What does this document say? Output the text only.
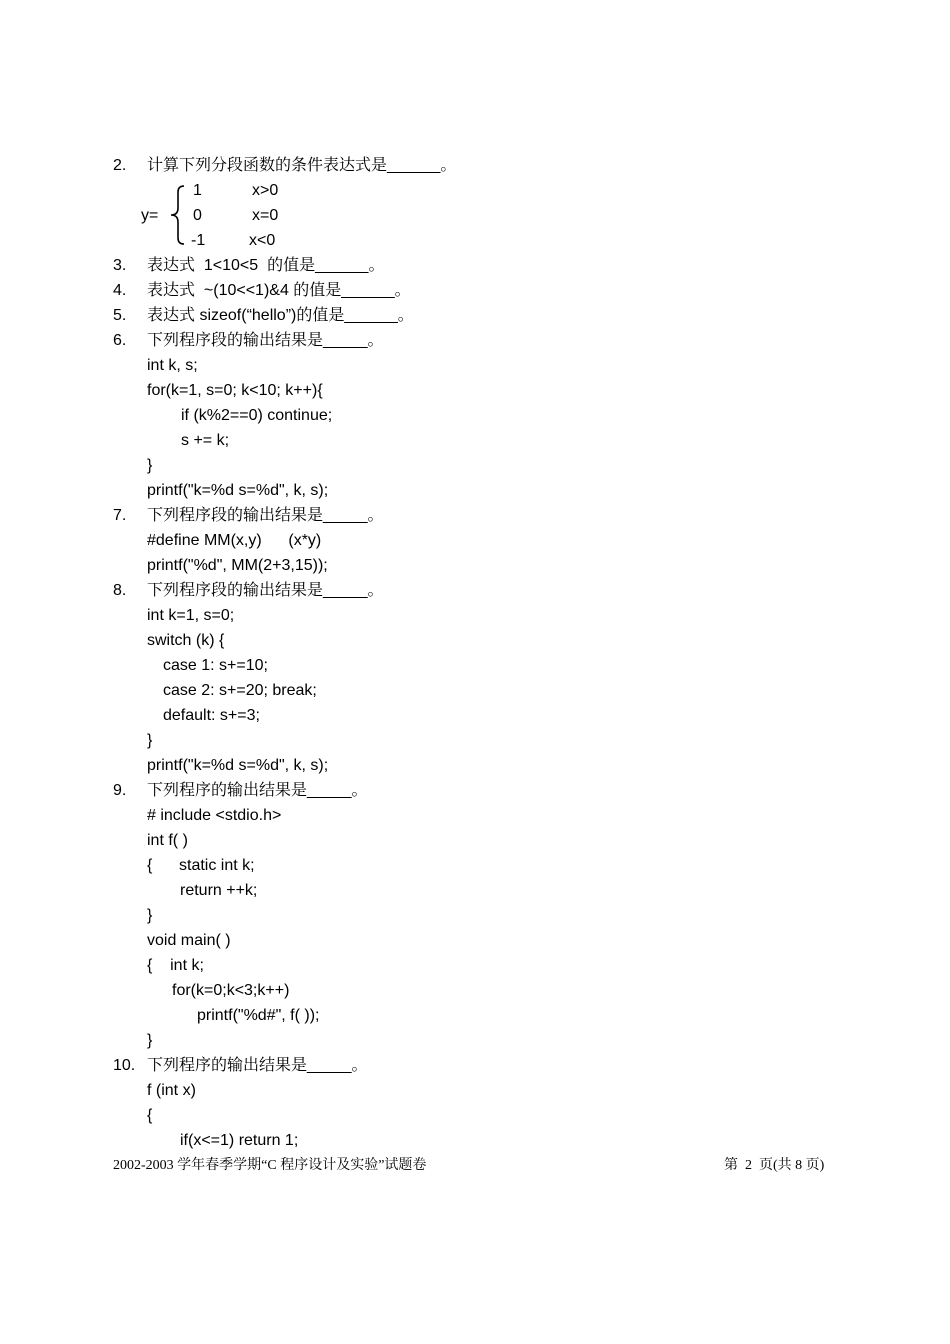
2.	计算下列分段函数的条件表达式是______。
y=
1	x>0
0	x=0
-1	x<0
3.	表达式  1<10<5  的值是______。
4.	表达式  ~(10<<1)&4 的值是______。
5.	表达式 sizeof(“hello”)的值是______。
6.	下列程序段的输出结果是_____。
int k, s;
for(k=1, s=0; k<10; k++){
if (k%2==0) continue;
s += k;
}
printf("k=%d s=%d", k, s);
7.	下列程序段的输出结果是_____。
#define MM(x,y)      (x*y)
printf("%d", MM(2+3,15));
8.	下列程序段的输出结果是_____。
int k=1, s=0;
switch (k) {
case 1: s+=10;
case 2: s+=20; break;
default: s+=3;
}
printf("k=%d s=%d", k, s);
9.	下列程序的输出结果是_____。
# include <stdio.h>
int f( )
{      static int k;
return ++k;
}
void main( )
{    int k;
for(k=0;k<3;k++)
printf("%d#", f( ));
}
10. 下列程序的输出结果是_____。
f (int x)
{
if(x<=1) return 1;
2002-2003 学年春季学期“C 程序设计及实验”试题卷	第  2  页(共 8 页)
